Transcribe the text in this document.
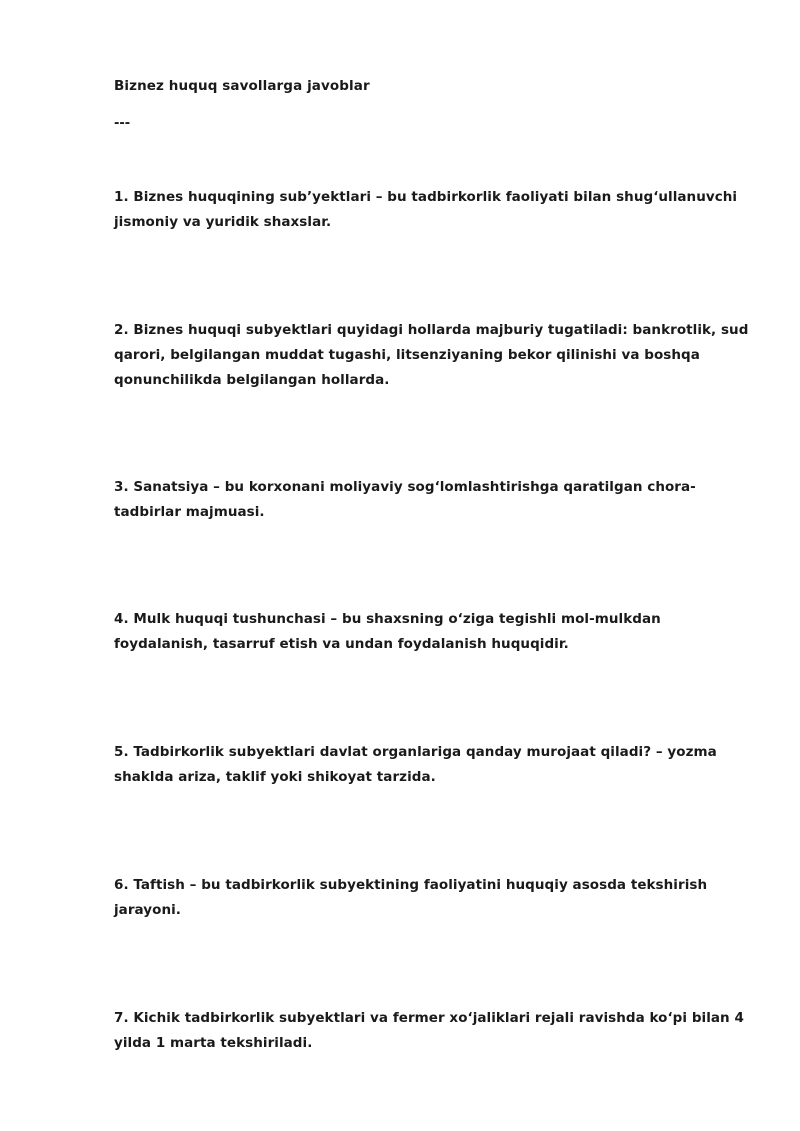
Biznez huquq savollarga javoblar
---
1. Biznes huquqining sub’yektlari – bu tadbirkorlik faoliyati bilan shug‘ullanuvchi jismoniy va yuridik shaxslar.
2. Biznes huquqi subyektlari quyidagi hollarda majburiy tugatiladi: bankrotlik, sud qarori, belgilangan muddat tugashi, litsenziyaning bekor qilinishi va boshqa qonunchilikda belgilangan hollarda.
3. Sanatsiya – bu korxonani moliyaviy sog‘lomlashtirishga qaratilgan chora-tadbirlar majmuasi.
4. Mulk huquqi tushunchasi – bu shaxsning o‘ziga tegishli mol-mulkdan foydalanish, tasarruf etish va undan foydalanish huquqidir.
5. Tadbirkorlik subyektlari davlat organlariga qanday murojaat qiladi? – yozma shaklda ariza, taklif yoki shikoyat tarzida.
6. Taftish – bu tadbirkorlik subyektining faoliyatini huquqiy asosda tekshirish jarayoni.
7. Kichik tadbirkorlik subyektlari va fermer xo‘jaliklari rejali ravishda ko‘pi bilan 4 yilda 1 marta tekshiriladi.
